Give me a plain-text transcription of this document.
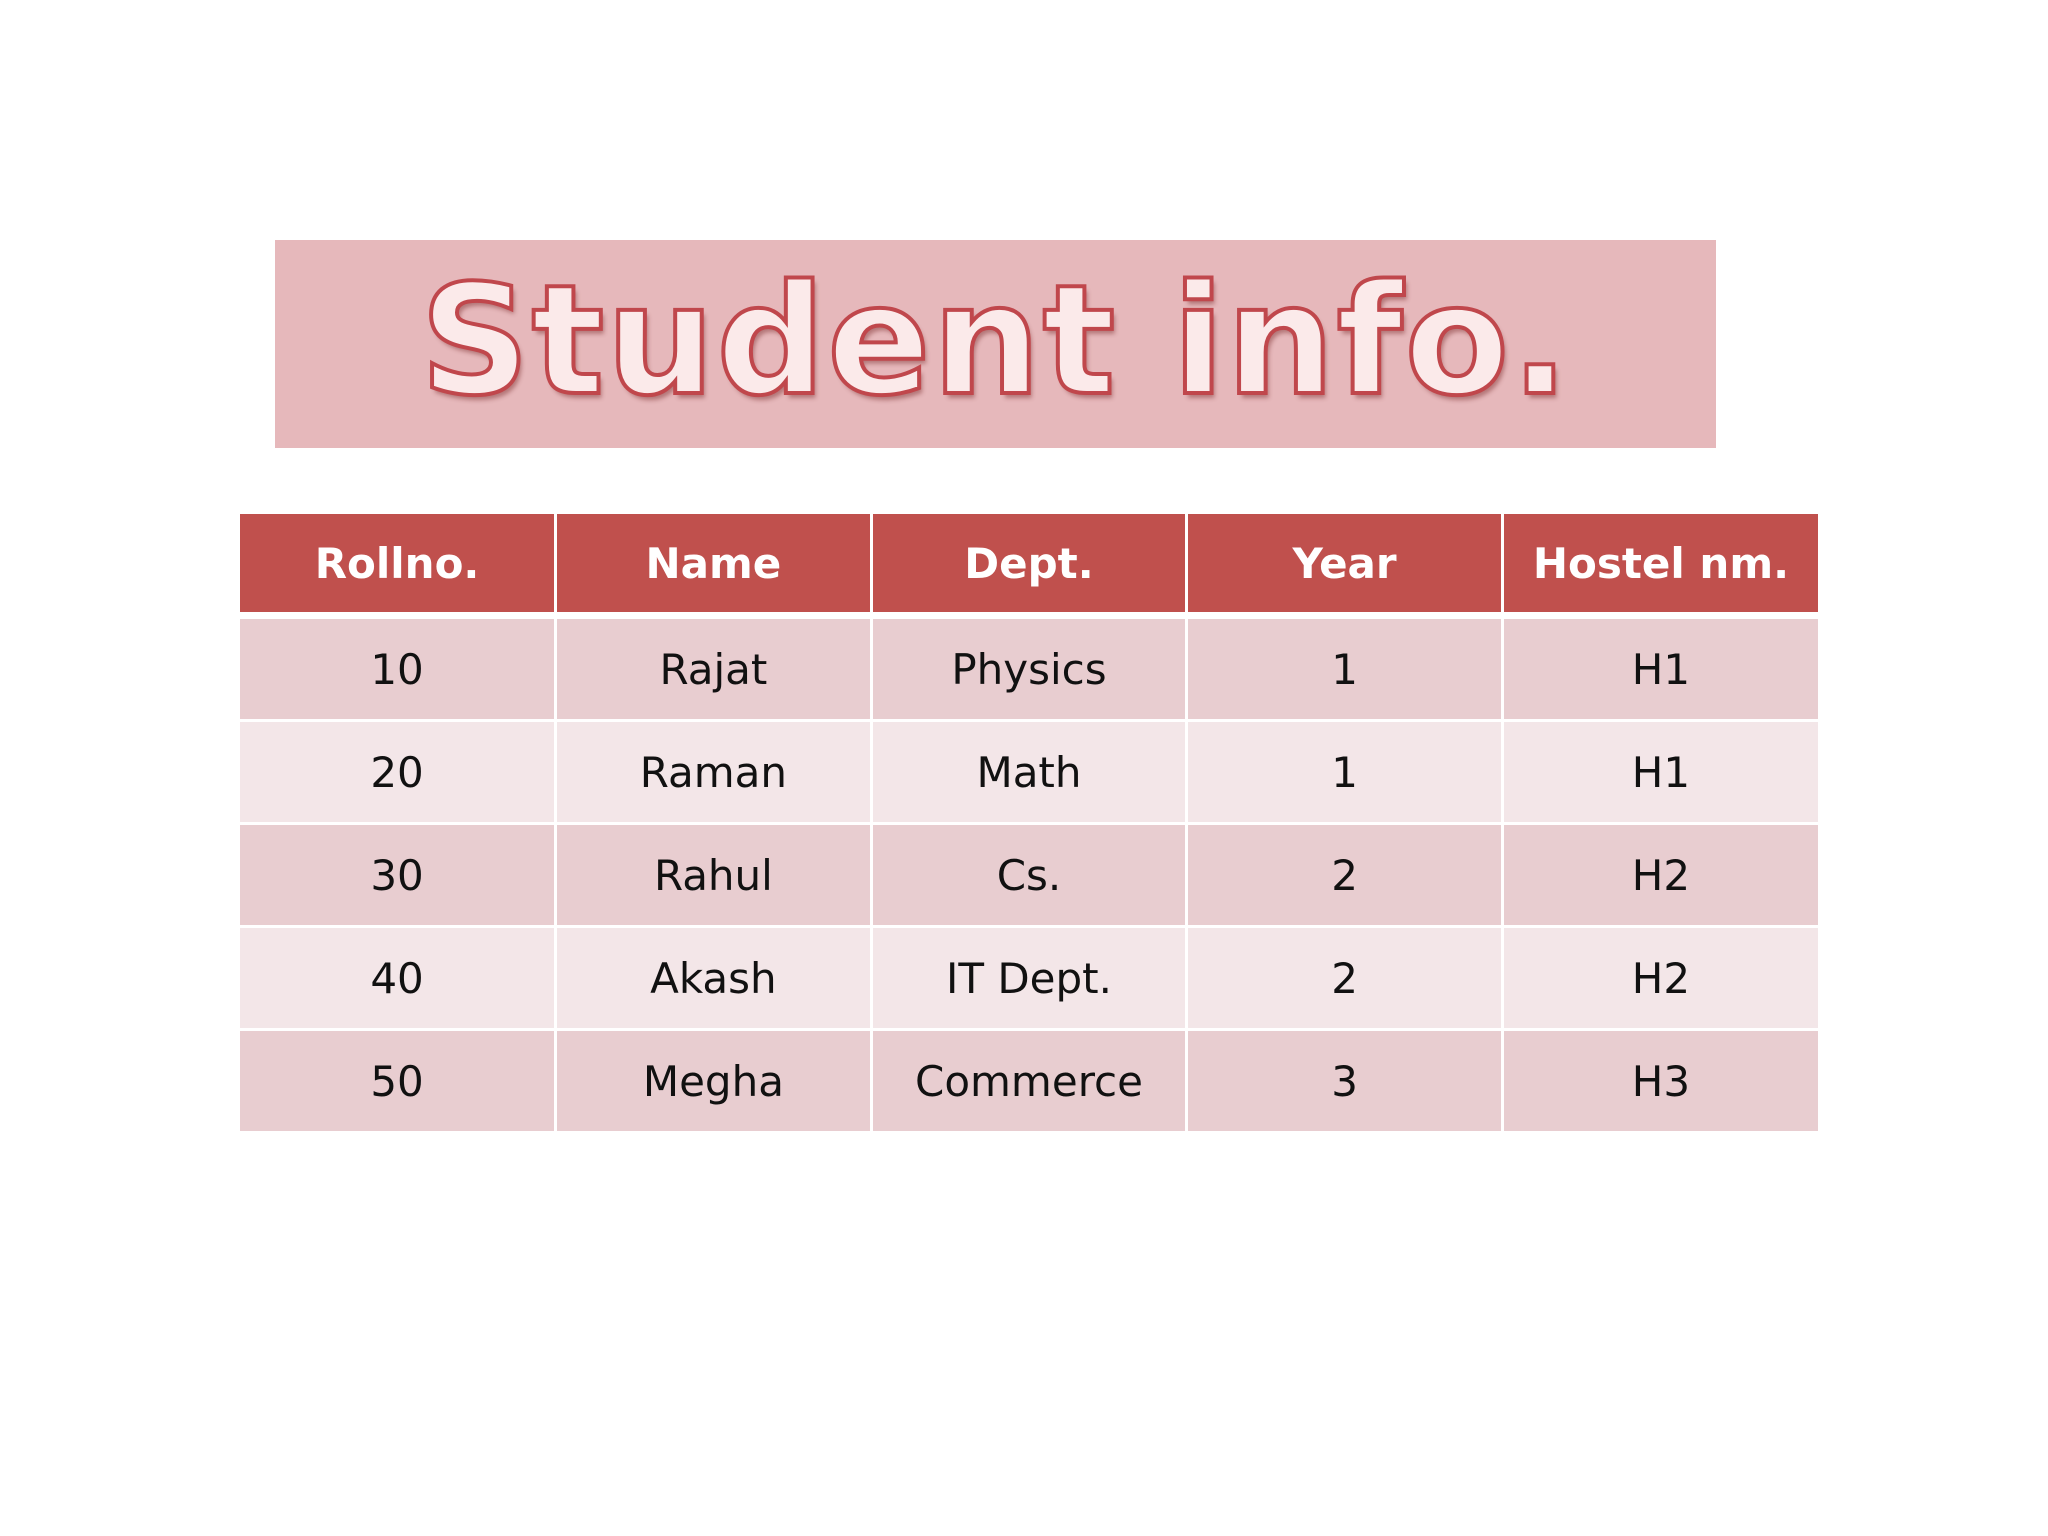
Student info.
Rollno.	Name	Dept.	Year	Hostel nm.
10	Rajat	Physics	1	H1
20	Raman	Math	1	H1
30	Rahul	Cs.	2	H2
40	Akash	IT Dept.	2	H2
50	Megha	Commerce	3	H3
